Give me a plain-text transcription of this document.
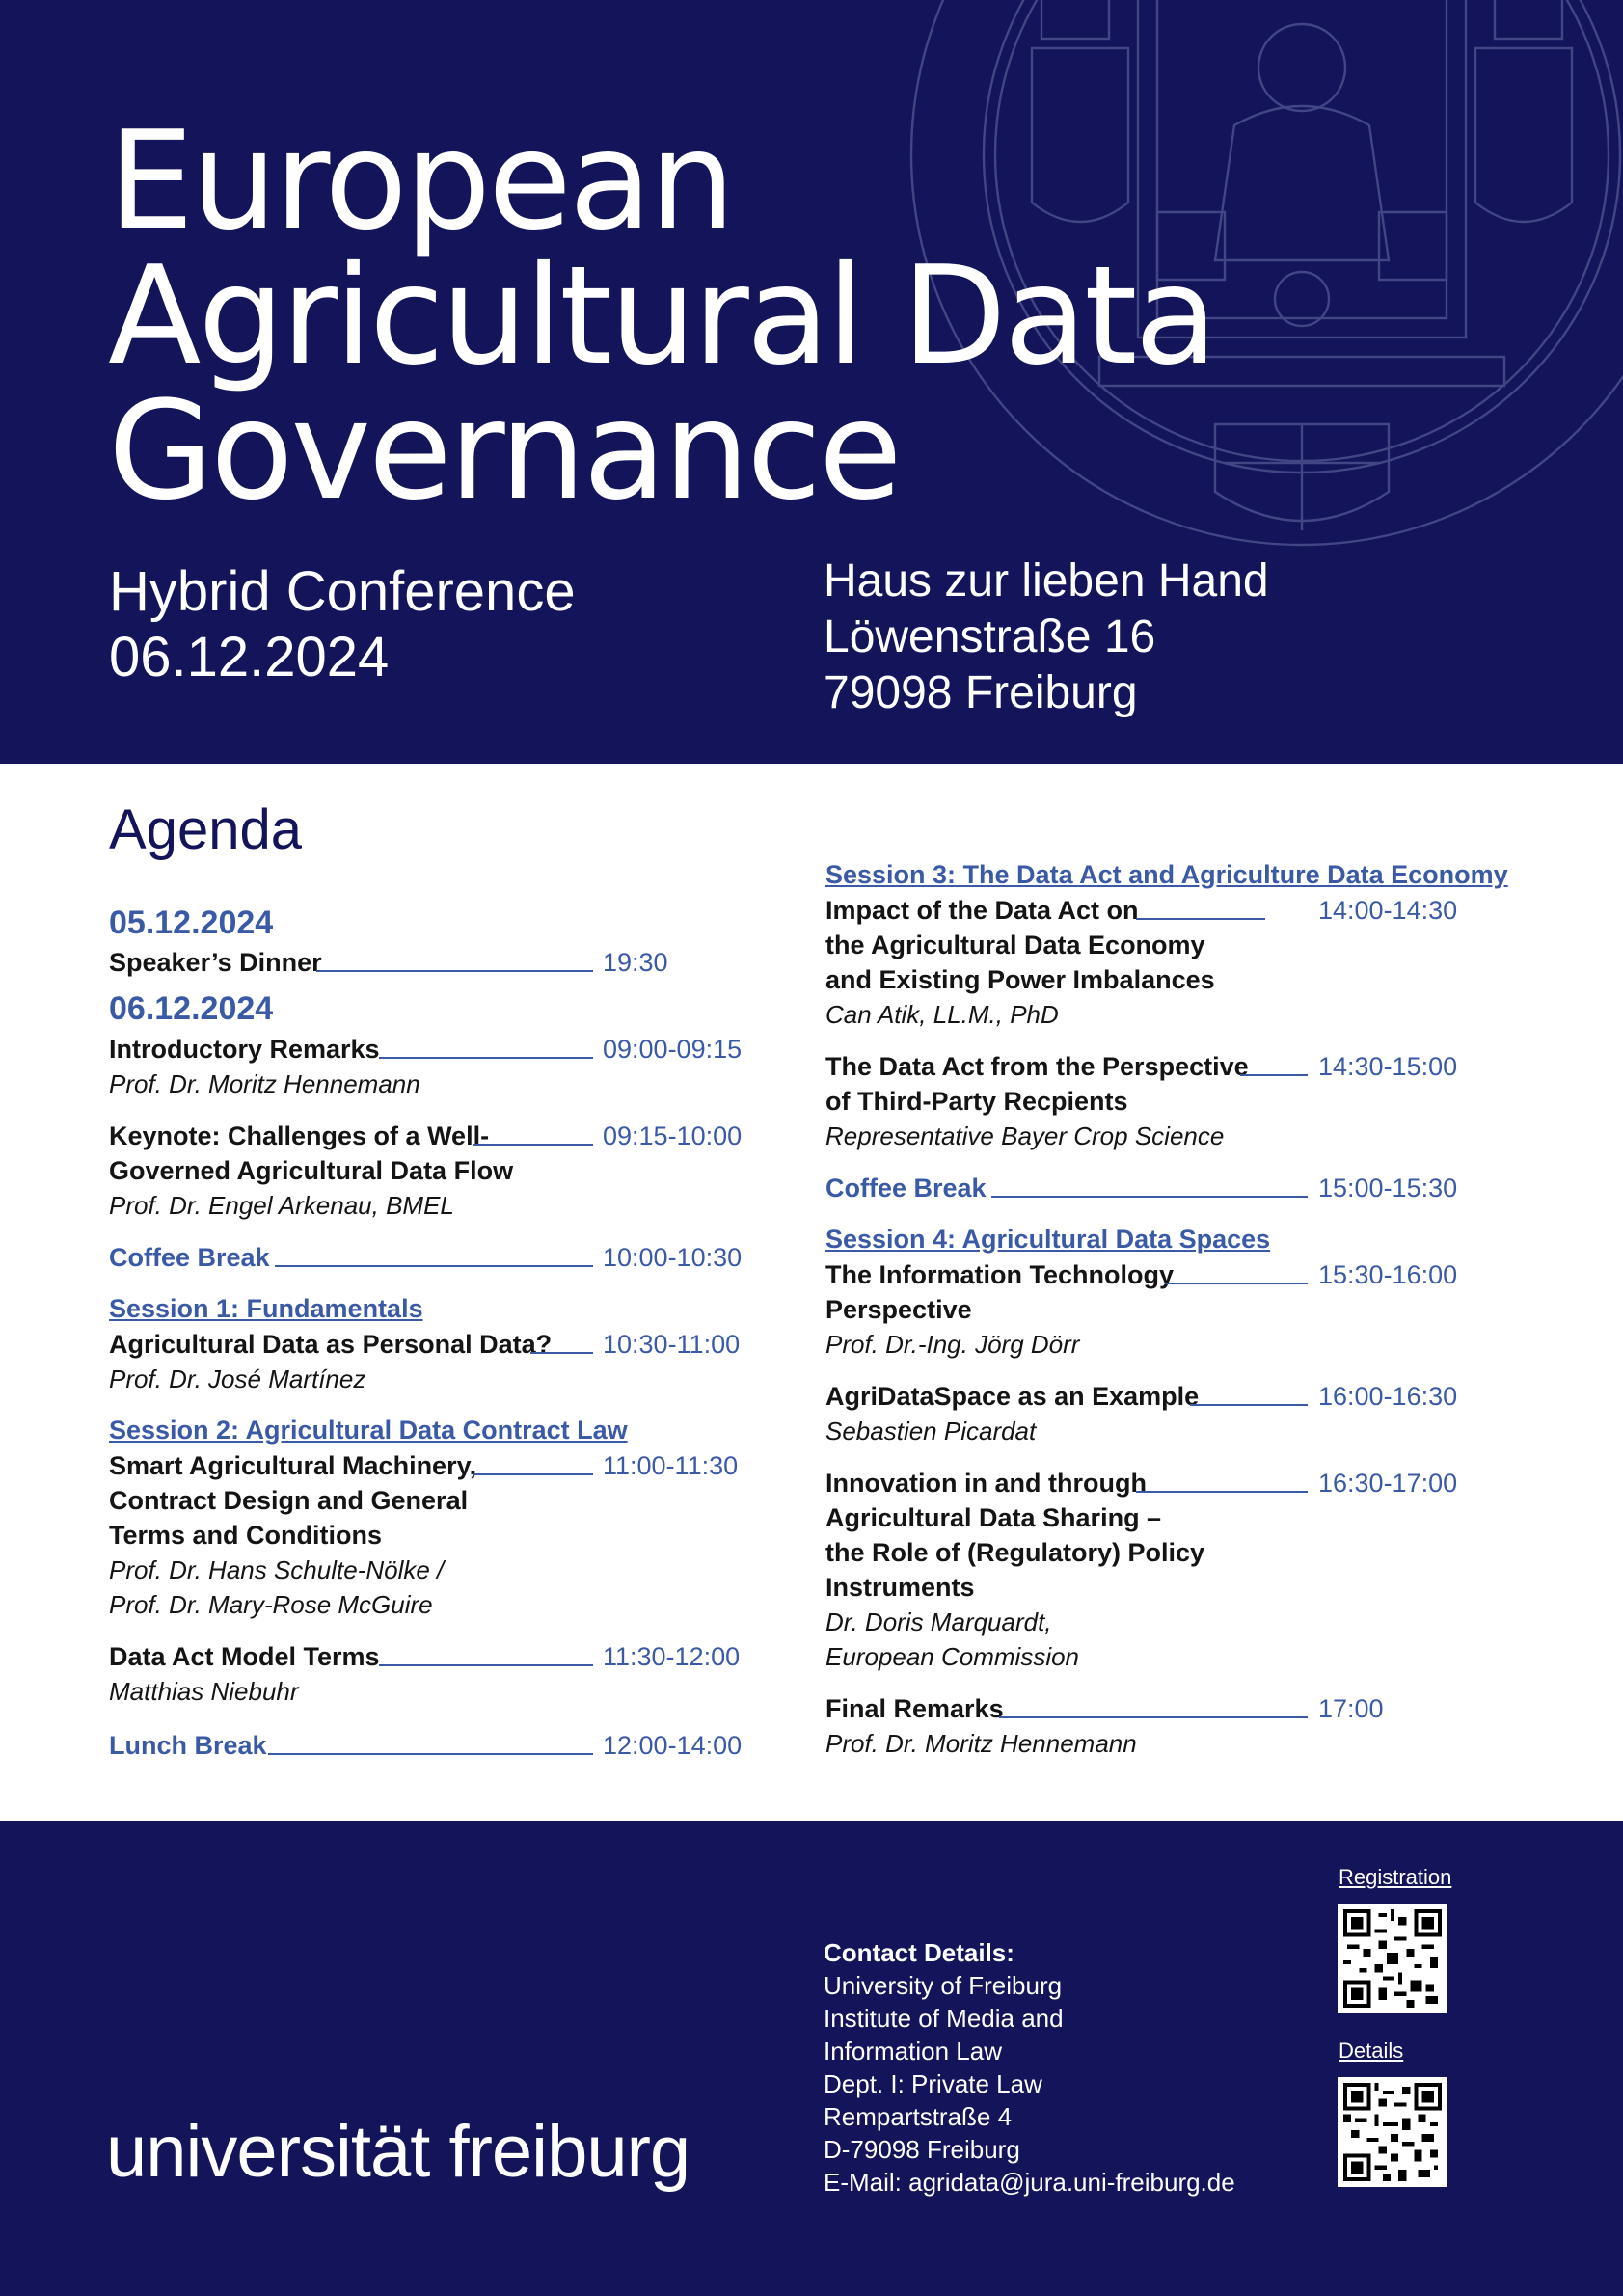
European
Agricultural Data
Governance
Hybrid Conference
06.12.2024
Haus zur lieben Hand
Löwenstraße 16
79098 Freiburg
Agenda
05.12.2024
Speaker’s Dinner	19:30
06.12.2024
Introductory Remarks	09:00-09:15
Prof. Dr. Moritz Hennemann
Keynote: Challenges of a Well-	09:15-10:00
Governed Agricultural Data Flow
Prof. Dr. Engel Arkenau, BMEL
Coffee Break	10:00-10:30
Session 1: Fundamentals
Agricultural Data as Personal Data? 10:30-11:00
Prof. Dr. José Martínez
Session 2: Agricultural Data Contract Law
Smart Agricultural Machinery,	11:00-11:30
Contract Design and General
Terms and Conditions
Prof. Dr. Hans Schulte-Nölke /
Prof. Dr. Mary-Rose McGuire
Data Act Model Terms	11:30-12:00
Matthias Niebuhr
Lunch Break	12:00-14:00
Session 3: The Data Act and Agriculture Data Economy
Impact of the Data Act on	14:00-14:30
the Agricultural Data Economy
and Existing Power Imbalances
Can Atik, LL.M., PhD
The Data Act from the Perspective	14:30-15:00
of Third-Party Recpients
Representative Bayer Crop Science
Coffee Break	15:00-15:30
Session 4: Agricultural Data Spaces
The Information Technology	15:30-16:00
Perspective
Prof. Dr.-Ing. Jörg Dörr
AgriDataSpace as an Example	16:00-16:30
Sebastien Picardat
Innovation in and through	16:30-17:00
Agricultural Data Sharing –
the Role of (Regulatory) Policy
Instruments
Dr. Doris Marquardt,
European Commission
Final Remarks	17:00
Prof. Dr. Moritz Hennemann
universität freiburg
Contact Details:
University of Freiburg
Institute of Media and
Information Law
Dept. I: Private Law
Rempartstraße 4
D-79098 Freiburg
E-Mail: agridata@jura.uni-freiburg.de
Registration
Details
